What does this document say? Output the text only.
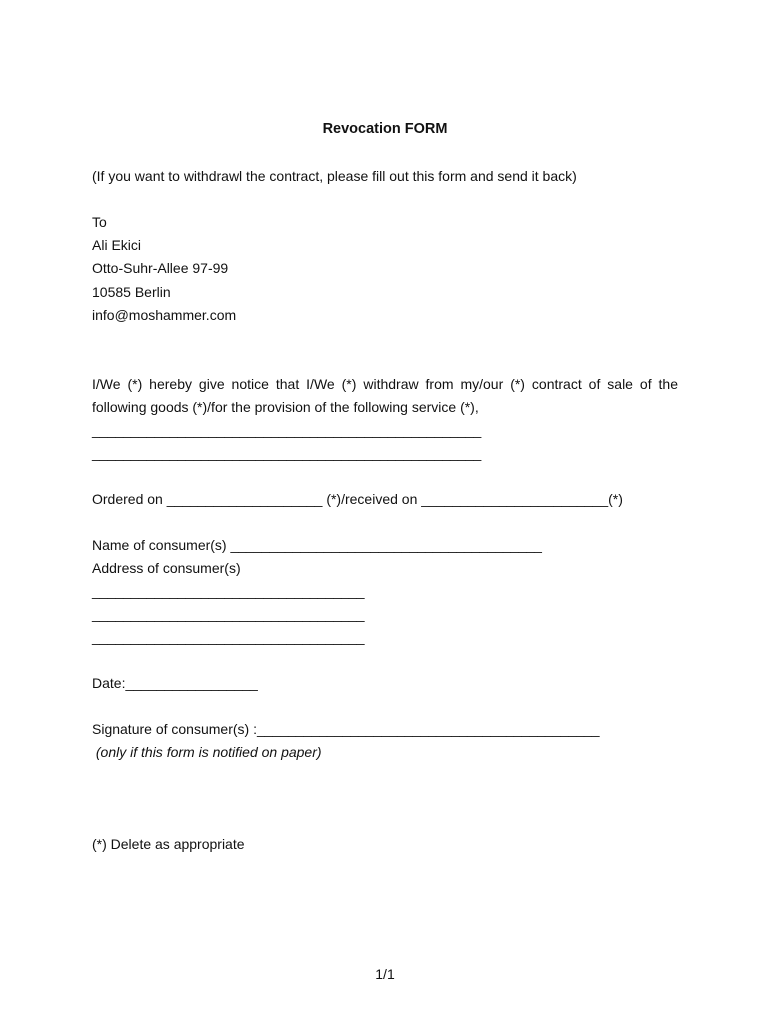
Revocation FORM
(If you want to withdrawl the contract, please fill out this form and send it back)
To
Ali Ekici
Otto-Suhr-Allee 97-99
10585 Berlin
info@moshammer.com
I/We (*) hereby give notice that I/We (*) withdraw from my/our (*) contract of sale of the
following goods (*)/for the provision of the following service (*),
__________________________________________________
__________________________________________________
Ordered on ____________________ (*)/received on ________________________(*)
Name of consumer(s) ________________________________________
Address of consumer(s)
___________________________________
___________________________________
___________________________________
Date:_________________
Signature of consumer(s) :____________________________________________
(only if this form is notified on paper)
(*) Delete as appropriate
1/1
